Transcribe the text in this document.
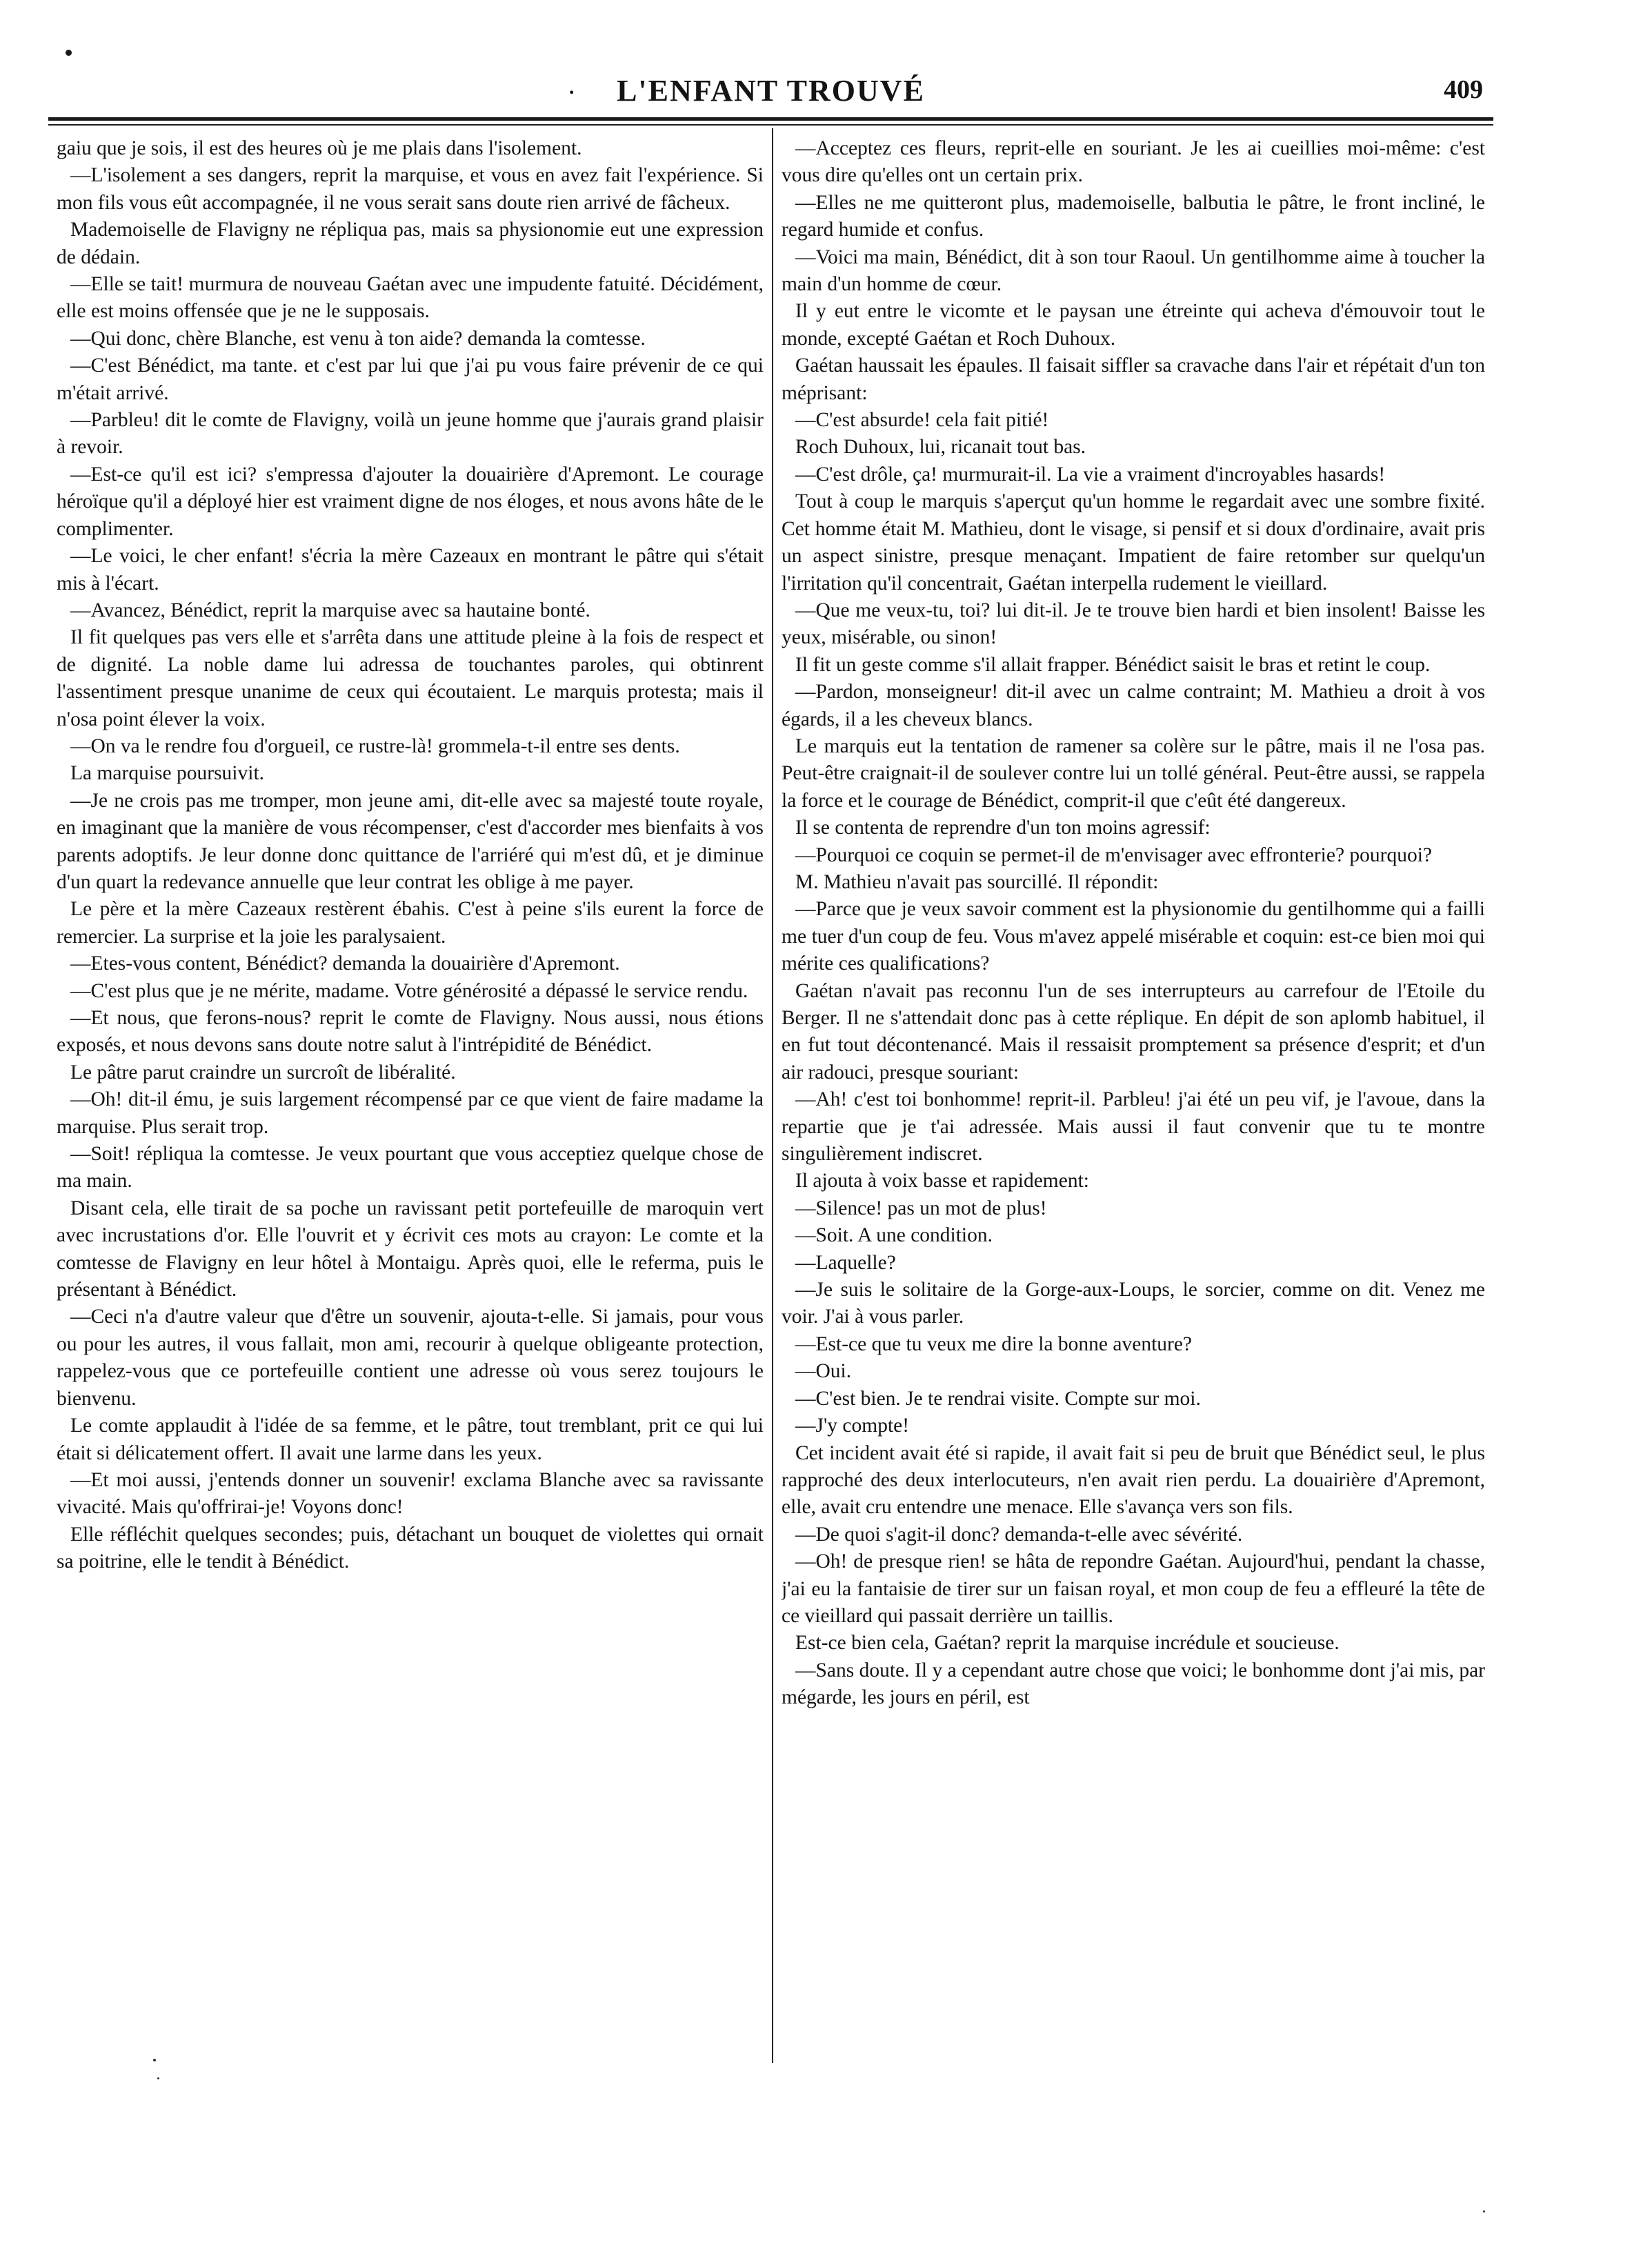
.	L'ENFANT TROUVÉ	409

gaiu que je sois, il est des heures où je me plais dans l'isolement.

—L'isolement a ses dangers, reprit la marquise, et vous en avez fait l'expérience. Si mon fils vous eût accompagnée, il ne vous serait sans doute rien arrivé de fâcheux.

Mademoiselle de Flavigny ne répliqua pas, mais sa physionomie eut une expression de dédain.

—Elle se tait! murmura de nouveau Gaétan avec une impudente fatuité. Décidément, elle est moins offensée que je ne le supposais.

—Qui donc, chère Blanche, est venu à ton aide? demanda la comtesse.

—C'est Bénédict, ma tante. et c'est par lui que j'ai pu vous faire prévenir de ce qui m'était arrivé.

—Parbleu! dit le comte de Flavigny, voilà un jeune homme que j'aurais grand plaisir à revoir.

—Est-ce qu'il est ici? s'empressa d'ajouter la douairière d'Apremont. Le courage héroïque qu'il a déployé hier est vraiment digne de nos éloges, et nous avons hâte de le complimenter.

—Le voici, le cher enfant! s'écria la mère Cazeaux en montrant le pâtre qui s'était mis à l'écart.

—Avancez, Bénédict, reprit la marquise avec sa hautaine bonté.

Il fit quelques pas vers elle et s'arrêta dans une attitude pleine à la fois de respect et de dignité. La noble dame lui adressa de touchantes paroles, qui obtinrent l'assentiment presque unanime de ceux qui écoutaient. Le marquis protesta; mais il n'osa point élever la voix.

—On va le rendre fou d'orgueil, ce rustre-là! grommela-t-il entre ses dents.

La marquise poursuivit.

—Je ne crois pas me tromper, mon jeune ami, dit-elle avec sa majesté toute royale, en imaginant que la manière de vous récompenser, c'est d'accorder mes bienfaits à vos parents adoptifs. Je leur donne donc quittance de l'arriéré qui m'est dû, et je diminue d'un quart la redevance annuelle que leur contrat les oblige à me payer.

Le père et la mère Cazeaux restèrent ébahis. C'est à peine s'ils eurent la force de remercier. La surprise et la joie les paralysaient.

—Etes-vous content, Bénédict? demanda la douairière d'Apremont.

—C'est plus que je ne mérite, madame. Votre générosité a dépassé le service rendu.

—Et nous, que ferons-nous? reprit le comte de Flavigny. Nous aussi, nous étions exposés, et nous devons sans doute notre salut à l'intrépidité de Bénédict.

Le pâtre parut craindre un surcroît de libéralité.

—Oh! dit-il ému, je suis largement récompensé par ce que vient de faire madame la marquise. Plus serait trop.

—Soit! répliqua la comtesse. Je veux pourtant que vous acceptiez quelque chose de ma main.

Disant cela, elle tirait de sa poche un ravissant petit portefeuille de maroquin vert avec incrustations d'or. Elle l'ouvrit et y écrivit ces mots au crayon: Le comte et la comtesse de Flavigny en leur hôtel à Montaigu. Après quoi, elle le referma, puis le présentant à Bénédict.

—Ceci n'a d'autre valeur que d'être un souvenir, ajouta-t-elle. Si jamais, pour vous ou pour les autres, il vous fallait, mon ami, recourir à quelque obligeante protection, rappelez-vous que ce portefeuille contient une adresse où vous serez toujours le bienvenu.

Le comte applaudit à l'idée de sa femme, et le pâtre, tout tremblant, prit ce qui lui était si délicatement offert. Il avait une larme dans les yeux.

—Et moi aussi, j'entends donner un souvenir! exclama Blanche avec sa ravissante vivacité. Mais qu'offrirai-je! Voyons donc!

Elle réfléchit quelques secondes; puis, détachant un bouquet de violettes qui ornait sa poitrine, elle le tendit à Bénédict.

—Acceptez ces fleurs, reprit-elle en souriant. Je les ai cueillies moi-même: c'est vous dire qu'elles ont un certain prix.

—Elles ne me quitteront plus, mademoiselle, balbutia le pâtre, le front incliné, le regard humide et confus.

—Voici ma main, Bénédict, dit à son tour Raoul. Un gentilhomme aime à toucher la main d'un homme de cœur.

Il y eut entre le vicomte et le paysan une étreinte qui acheva d'émouvoir tout le monde, excepté Gaétan et Roch Duhoux.

Gaétan haussait les épaules. Il faisait siffler sa cravache dans l'air et répétait d'un ton méprisant:

—C'est absurde! cela fait pitié!

Roch Duhoux, lui, ricanait tout bas.

—C'est drôle, ça! murmurait-il. La vie a vraiment d'incroyables hasards!

Tout à coup le marquis s'aperçut qu'un homme le regardait avec une sombre fixité. Cet homme était M. Mathieu, dont le visage, si pensif et si doux d'ordinaire, avait pris un aspect sinistre, presque menaçant. Impatient de faire retomber sur quelqu'un l'irritation qu'il concentrait, Gaétan interpella rudement le vieillard.

—Que me veux-tu, toi? lui dit-il. Je te trouve bien hardi et bien insolent! Baisse les yeux, misérable, ou sinon!

Il fit un geste comme s'il allait frapper. Bénédict saisit le bras et retint le coup.

—Pardon, monseigneur! dit-il avec un calme contraint; M. Mathieu a droit à vos égards, il a les cheveux blancs.

Le marquis eut la tentation de ramener sa colère sur le pâtre, mais il ne l'osa pas. Peut-être craignait-il de soulever contre lui un tollé général. Peut-être aussi, se rappela la force et le courage de Bénédict, comprit-il que c'eût été dangereux.

Il se contenta de reprendre d'un ton moins agressif:

—Pourquoi ce coquin se permet-il de m'envisager avec effronterie? pourquoi?

M. Mathieu n'avait pas sourcillé. Il répondit:

—Parce que je veux savoir comment est la physionomie du gentilhomme qui a failli me tuer d'un coup de feu. Vous m'avez appelé misérable et coquin: est-ce bien moi qui mérite ces qualifications?

Gaétan n'avait pas reconnu l'un de ses interrupteurs au carrefour de l'Etoile du Berger. Il ne s'attendait donc pas à cette réplique. En dépit de son aplomb habituel, il en fut tout décontenancé. Mais il ressaisit promptement sa présence d'esprit; et d'un air radouci, presque souriant:

—Ah! c'est toi bonhomme! reprit-il. Parbleu! j'ai été un peu vif, je l'avoue, dans la repartie que je t'ai adressée. Mais aussi il faut convenir que tu te montre singulièrement indiscret.

Il ajouta à voix basse et rapidement:

—Silence! pas un mot de plus!

—Soit. A une condition.

—Laquelle?

—Je suis le solitaire de la Gorge-aux-Loups, le sorcier, comme on dit. Venez me voir. J'ai à vous parler.

—Est-ce que tu veux me dire la bonne aventure?

—Oui.

—C'est bien. Je te rendrai visite. Compte sur moi.

—J'y compte!

Cet incident avait été si rapide, il avait fait si peu de bruit que Bénédict seul, le plus rapproché des deux interlocuteurs, n'en avait rien perdu. La douairière d'Apremont, elle, avait cru entendre une menace. Elle s'avança vers son fils.

—De quoi s'agit-il donc? demanda-t-elle avec sévérité.

—Oh! de presque rien! se hâta de repondre Gaétan. Aujourd'hui, pendant la chasse, j'ai eu la fantaisie de tirer sur un faisan royal, et mon coup de feu a effleuré la tête de ce vieillard qui passait derrière un taillis.

Est-ce bien cela, Gaétan? reprit la marquise incrédule et soucieuse.

—Sans doute. Il y a cependant autre chose que voici; le bonhomme dont j'ai mis, par mégarde, les jours en péril, est
